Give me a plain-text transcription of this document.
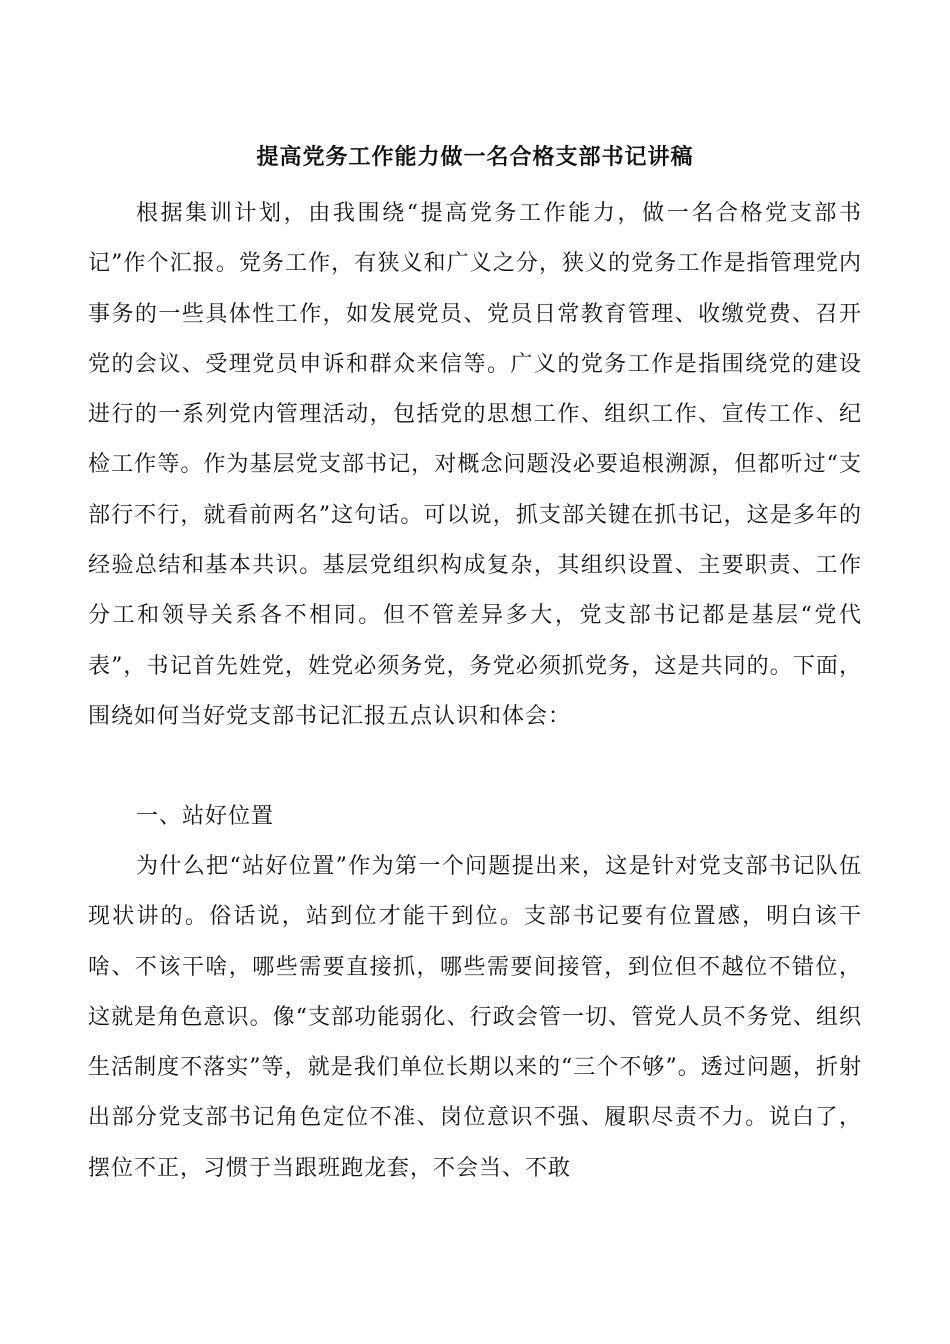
提高党务工作能力做一名合格支部书记讲稿

根据集训计划，由我围绕“提高党务工作能力，做一名合格党支部书记”作个汇报。党务工作，有狭义和广义之分，狭义的党务工作是指管理党内事务的一些具体性工作，如发展党员、党员日常教育管理、收缴党费、召开党的会议、受理党员申诉和群众来信等。广义的党务工作是指围绕党的建设进行的一系列党内管理活动，包括党的思想工作、组织工作、宣传工作、纪检工作等。作为基层党支部书记，对概念问题没必要追根溯源，但都听过“支部行不行，就看前两名”这句话。可以说，抓支部关键在抓书记，这是多年的经验总结和基本共识。基层党组织构成复杂，其组织设置、主要职责、工作分工和领导关系各不相同。但不管差异多大，党支部书记都是基层“党代表”，书记首先姓党，姓党必须务党，务党必须抓党务，这是共同的。下面，围绕如何当好党支部书记汇报五点认识和体会：

一、站好位置

为什么把“站好位置”作为第一个问题提出来，这是针对党支部书记队伍现状讲的。俗话说，站到位才能干到位。支部书记要有位置感，明白该干啥、不该干啥，哪些需要直接抓，哪些需要间接管，到位但不越位不错位，这就是角色意识。像“支部功能弱化、行政会管一切、管党人员不务党、组织生活制度不落实”等，就是我们单位长期以来的“三个不够”。透过问题，折射出部分党支部书记角色定位不准、岗位意识不强、履职尽责不力。说白了，摆位不正，习惯于当跟班跑龙套，不会当、不敢
